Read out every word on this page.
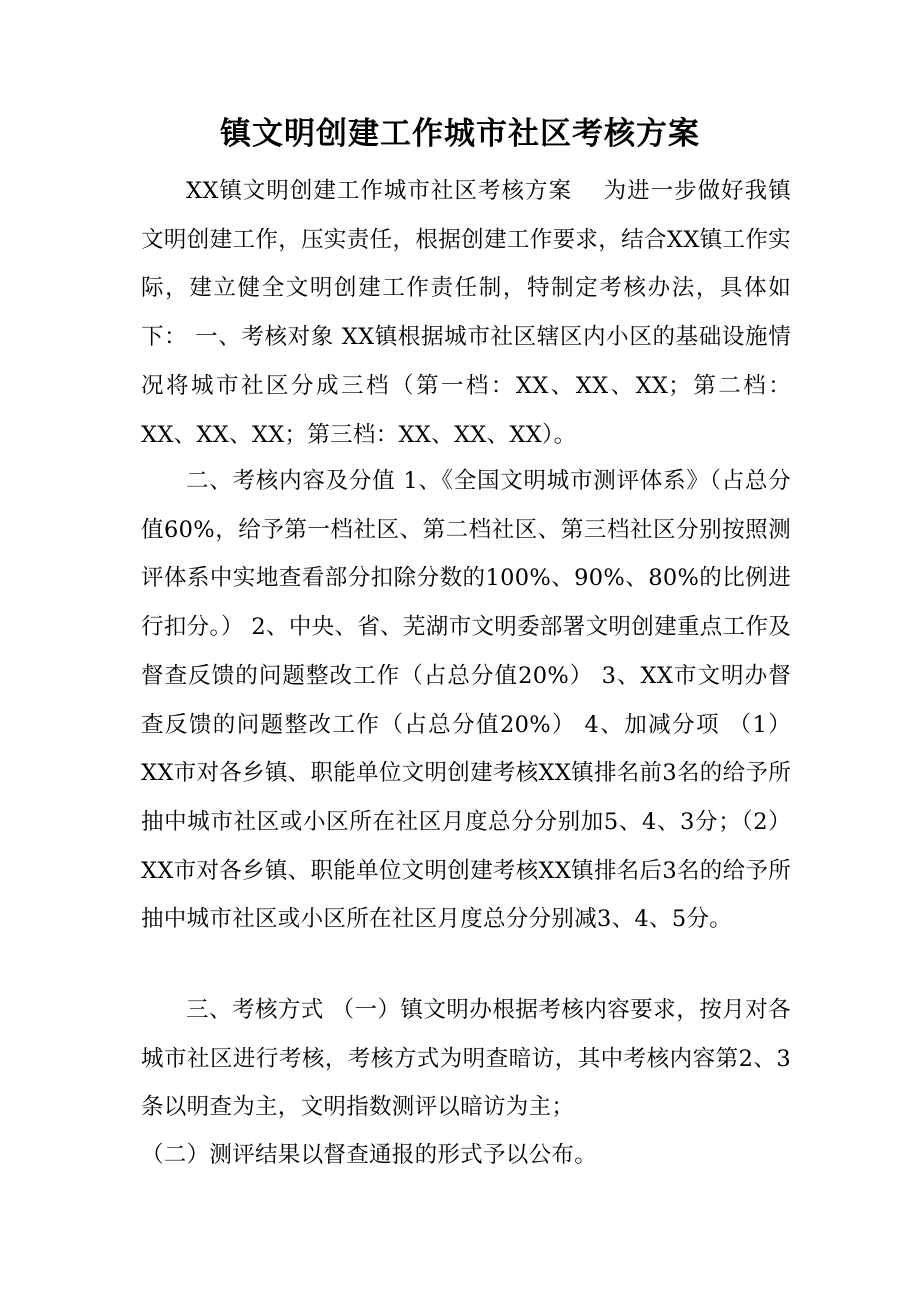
镇文明创建工作城市社区考核方案

XX镇文明创建工作城市社区考核方案　 为进一步做好我镇文明创建工作，压实责任，根据创建工作要求，结合XX镇工作实际，建立健全文明创建工作责任制，特制定考核办法，具体如下： 一、考核对象 XX镇根据城市社区辖区内小区的基础设施情况将城市社区分成三档（第一档：XX、XX、XX；第二档：XX、XX、XX；第三档：XX、XX、XX）。

二、考核内容及分值 1、《全国文明城市测评体系》（占总分值60%，给予第一档社区、第二档社区、第三档社区分别按照测评体系中实地查看部分扣除分数的100%、90%、80%的比例进行扣分。） 2、中央、省、芜湖市文明委部署文明创建重点工作及督查反馈的问题整改工作（占总分值20%） 3、XX市文明办督查反馈的问题整改工作（占总分值20%） 4、加减分项 （1）XX市对各乡镇、职能单位文明创建考核XX镇排名前3名的给予所抽中城市社区或小区所在社区月度总分分别加5、4、3分；（2）XX市对各乡镇、职能单位文明创建考核XX镇排名后3名的给予所抽中城市社区或小区所在社区月度总分分别减3、4、5分。

三、考核方式 （一）镇文明办根据考核内容要求，按月对各城市社区进行考核，考核方式为明查暗访，其中考核内容第2、3条以明查为主，文明指数测评以暗访为主；

（二）测评结果以督查通报的形式予以公布。
